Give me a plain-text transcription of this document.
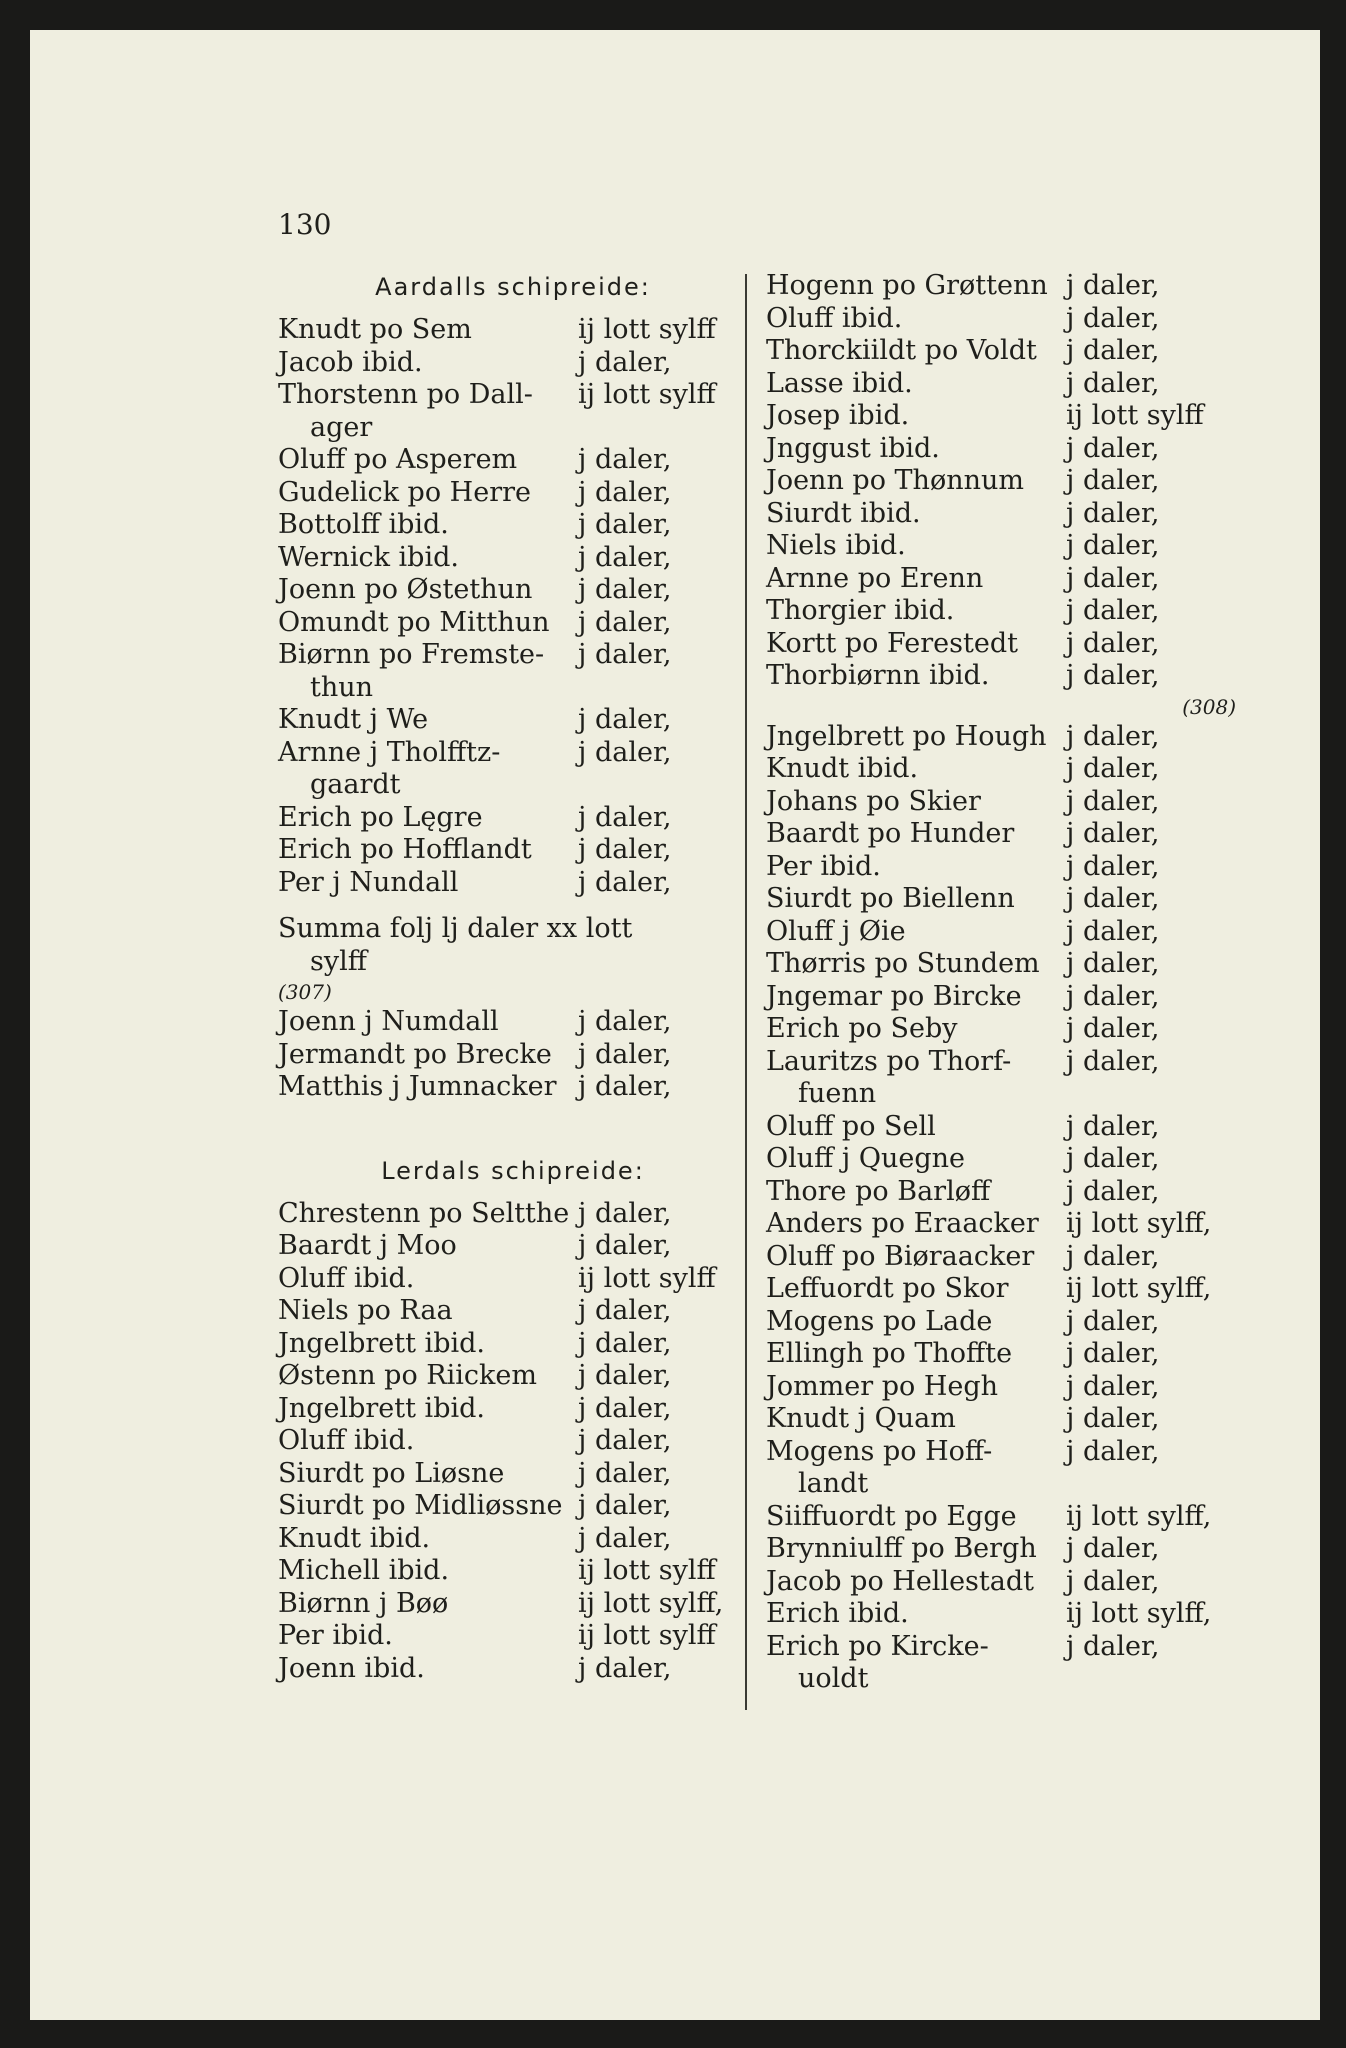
130
Aardalls schipreide:
Knudt po Sem	ij lott sylff
Jacob ibid.	j daler,
Thorstenn po Dall-	ij lott sylff
ager
Oluff po Asperem	j daler,
Gudelick po Herre	j daler,
Bottolff ibid.	j daler,
Wernick ibid.	j daler,
Joenn po Østethun	j daler,
Omundt po Mitthun	j daler,
Biørnn po Fremste-	j daler,
thun
Knudt j We	j daler,
Arnne j Tholfftz-	j daler,
gaardt
Erich po Lęgre	j daler,
Erich po Hofflandt	j daler,
Per j Nundall	j daler,
Summa folj lj daler xx lott
sylff
(307)
Joenn j Numdall	j daler,
Jermandt po Brecke j daler,
Matthis j Jumnacker j daler,
Lerdals schipreide:
Chrestenn po Seltthe j daler,
Baardt j Moo	j daler,
Oluff ibid.	ij lott sylff
Niels po Raa	j daler,
Jngelbrett ibid.	j daler,
Østenn po Riickem	j daler,
Jngelbrett ibid.	j daler,
Oluff ibid.	j daler,
Siurdt po Liøsne	j daler,
Siurdt po Midliøssne j daler,
Knudt ibid.	j daler,
Michell ibid.	ij lott sylff
Biørnn j Bøø	ij lott sylff,
Per ibid.	ij lott sylff
Joenn ibid.	j daler,
Hogenn po Grøttenn j daler,
Oluff ibid.	j daler,
Thorckiildt po Voldt	j daler,
Lasse ibid.	j daler,
Josep ibid.	ij lott sylff
Jnggust ibid.	j daler,
Joenn po Thønnum	j daler,
Siurdt ibid.	j daler,
Niels ibid.	j daler,
Arnne po Erenn	j daler,
Thorgier ibid.	j daler,
Kortt po Ferestedt	j daler,
Thorbiørnn ibid.	j daler,
(308)
Jngelbrett po Hough j daler,
Knudt ibid.	j daler,
Johans po Skier	j daler,
Baardt po Hunder	j daler,
Per ibid.	j daler,
Siurdt po Biellenn	j daler,
Oluff j Øie	j daler,
Thørris po Stundem j daler,
Jngemar po Bircke	j daler,
Erich po Seby	j daler,
Lauritzs po Thorf-	j daler,
fuenn
Oluff po Sell	j daler,
Oluff j Quegne	j daler,
Thore po Barløff	j daler,
Anders po Eraacker	ij lott sylff,
Oluff po Biøraacker	j daler,
Leffuordt po Skor	ij lott sylff,
Mogens po Lade	j daler,
Ellingh po Thoffte	j daler,
Jommer po Hegh	j daler,
Knudt j Quam	j daler,
Mogens po Hoff-	j daler,
landt
Siiffuordt po Egge	ij lott sylff,
Brynniulff po Bergh	j daler,
Jacob po Hellestadt	j daler,
Erich ibid.	ij lott sylff,
Erich po Kircke-	j daler,
uoldt
